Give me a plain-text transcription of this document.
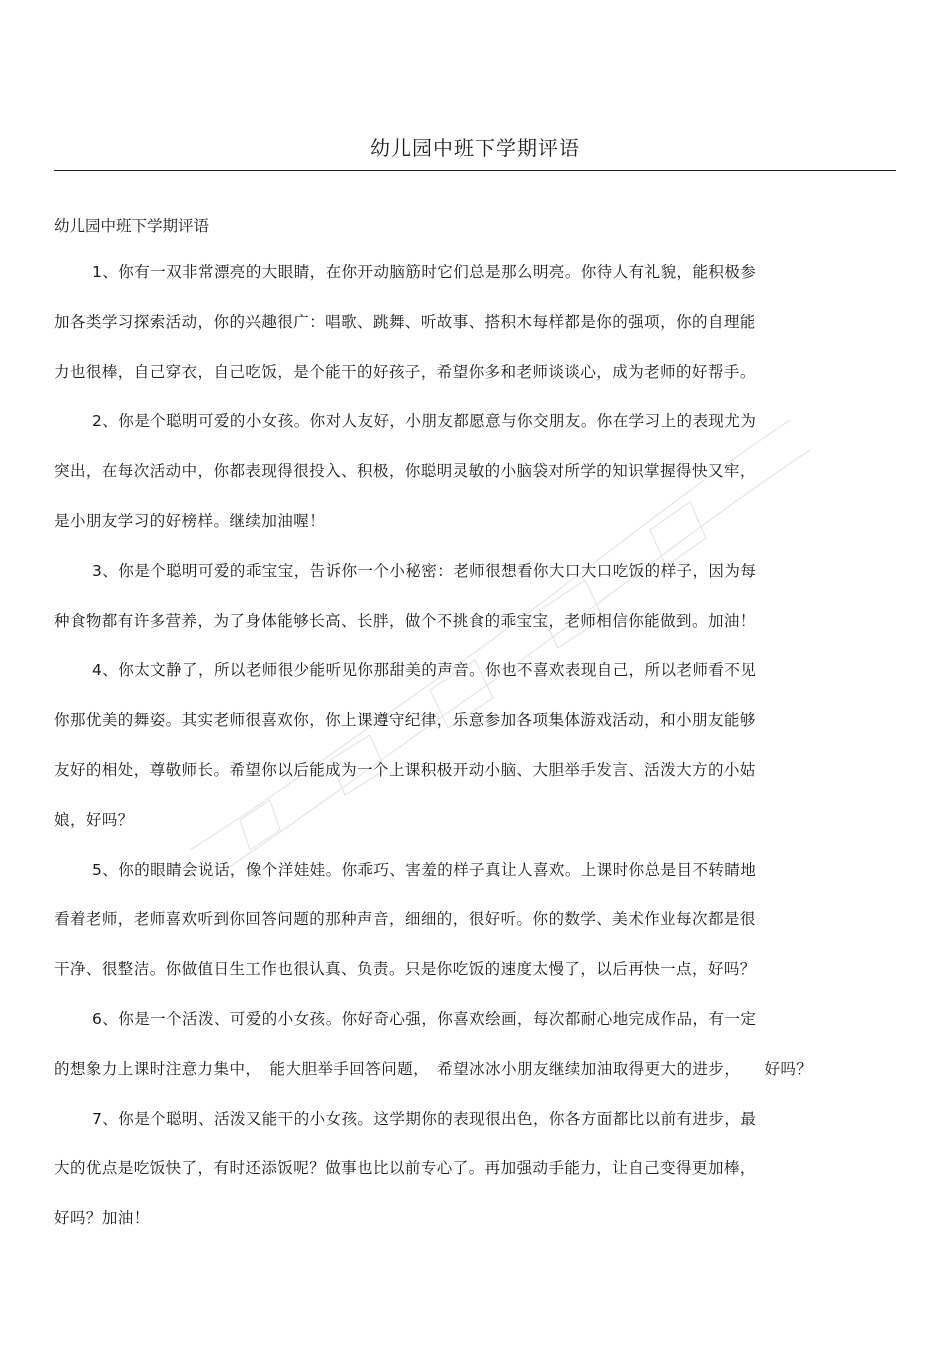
幼儿园中班下学期评语
幼儿园中班下学期评语
1、你有一双非常漂亮的大眼睛，在你开动脑筋时它们总是那么明亮。你待人有礼貌，能积极参
加各类学习探索活动，你的兴趣很广：唱歌、跳舞、听故事、搭积木每样都是你的强项，你的自理能
力也很棒，自己穿衣，自己吃饭，是个能干的好孩子，希望你多和老师谈谈心，成为老师的好帮手。
2、你是个聪明可爱的小女孩。你对人友好，小朋友都愿意与你交朋友。你在学习上的表现尤为
突出，在每次活动中，你都表现得很投入、积极，你聪明灵敏的小脑袋对所学的知识掌握得快又牢，
是小朋友学习的好榜样。继续加油喔！
3、你是个聪明可爱的乖宝宝，告诉你一个小秘密：老师很想看你大口大口吃饭的样子，因为每
种食物都有许多营养，为了身体能够长高、长胖，做个不挑食的乖宝宝，老师相信你能做到。加油！
4、你太文静了，所以老师很少能听见你那甜美的声音。你也不喜欢表现自己，所以老师看不见
你那优美的舞姿。其实老师很喜欢你，你上课遵守纪律，乐意参加各项集体游戏活动，和小朋友能够
友好的相处，尊敬师长。希望你以后能成为一个上课积极开动小脑、大胆举手发言、活泼大方的小姑
娘，好吗？
5、你的眼睛会说话，像个洋娃娃。你乖巧、害羞的样子真让人喜欢。上课时你总是目不转睛地
看着老师，老师喜欢听到你回答问题的那种声音，细细的，很好听。你的数学、美术作业每次都是很
干净、很整洁。你做值日生工作也很认真、负责。只是你吃饭的速度太慢了，以后再快一点，好吗？
6、你是一个活泼、可爱的小女孩。你好奇心强，你喜欢绘画，每次都耐心地完成作品，有一定
的想象力上课时注意力集中，　能大胆举手回答问题，　希望冰冰小朋友继续加油取得更大的进步，　　好吗？
7、你是个聪明、活泼又能干的小女孩。这学期你的表现很出色，你各方面都比以前有进步，最
大的优点是吃饭快了，有时还添饭呢？做事也比以前专心了。再加强动手能力，让自己变得更加棒，
好吗？加油！
